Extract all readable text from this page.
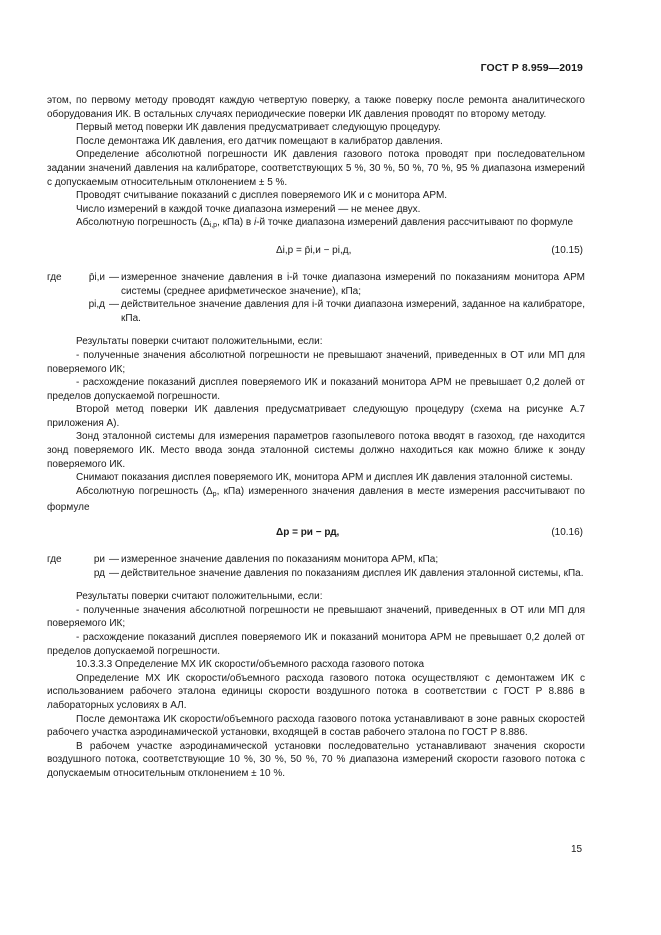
ГОСТ Р 8.959—2019

этом, по первому методу проводят каждую четвертую поверку, а также поверку после ремонта аналитического оборудования ИК. В остальных случаях периодические поверки ИК давления проводят по второму методу.

Первый метод поверки ИК давления предусматривает следующую процедуру.

После демонтажа ИК давления, его датчик помещают в калибратор давления.

Определение абсолютной погрешности ИК давления газового потока проводят при последовательном задании значений давления на калибраторе, соответствующих 5 %, 30 %, 50 %, 70 %, 95 % диапазона измерений с допускаемым относительным отклонением ± 5 %.

Проводят считывание показаний с дисплея поверяемого ИК и с монитора АРМ.

Число измерений в каждой точке диапазона измерений — не менее двух.

Абсолютную погрешность ($\Delta_{i,р}$, кПа) в i-й точке диапазона измерений давления рассчитывают по формуле

Δi,р = p̄i,и − pi,д,	(10.15)
где	p̄i,и — измеренное значение давления в i-й точке диапазона измерений по показаниям монитора АРМ системы (среднее арифметическое значение), кПа;
pi,д — действительное значение давления для i-й точки диапазона измерений, заданное на калибраторе, кПа.

Результаты поверки считают положительными, если:

- полученные значения абсолютной погрешности не превышают значений, приведенных в ОТ или МП для поверяемого ИК;

- расхождение показаний дисплея поверяемого ИК и показаний монитора АРМ не превышает 0,2 долей от пределов допускаемой погрешности.

Второй метод поверки ИК давления предусматривает следующую процедуру (схема на рисунке А.7 приложения А).

Зонд эталонной системы для измерения параметров газопылевого потока вводят в газоход, где находится зонд поверяемого ИК. Место ввода зонда эталонной системы должно находиться как можно ближе к зонду поверяемого ИК.

Снимают показания дисплея поверяемого ИК, монитора АРМ и дисплея ИК давления эталонной системы.

Абсолютную погрешность ($\Delta_р$, кПа) измеренного значения давления в месте измерения рассчитывают по формуле

Δр = ри − рд,	(10.16)
где	ри — измеренное значение давления по показаниям монитора АРМ, кПа;
рд — действительное значение давления по показаниям дисплея ИК давления эталонной системы, кПа.

Результаты поверки считают положительными, если:

- полученные значения абсолютной погрешности не превышают значений, приведенных в ОТ или МП для поверяемого ИК;

- расхождение показаний дисплея поверяемого ИК и показаний монитора АРМ не превышает 0,2 долей от пределов допускаемой погрешности.

10.3.3.3 Определение МХ ИК скорости/объемного расхода газового потока

Определение МХ ИК скорости/объемного расхода газового потока осуществляют с демонтажем ИК с использованием рабочего эталона единицы скорости воздушного потока в соответствии с ГОСТ Р 8.886 в лабораторных условиях в АЛ.

После демонтажа ИК скорости/объемного расхода газового потока устанавливают в зоне равных скоростей рабочего участка аэродинамической установки, входящей в состав рабочего эталона по ГОСТ Р 8.886.

В рабочем участке аэродинамической установки последовательно устанавливают значения скорости воздушного потока, соответствующие 10 %, 30 %, 50 %, 70 % диапазона измерений скорости газового потока с допускаемым относительным отклонением ± 10 %.

15
